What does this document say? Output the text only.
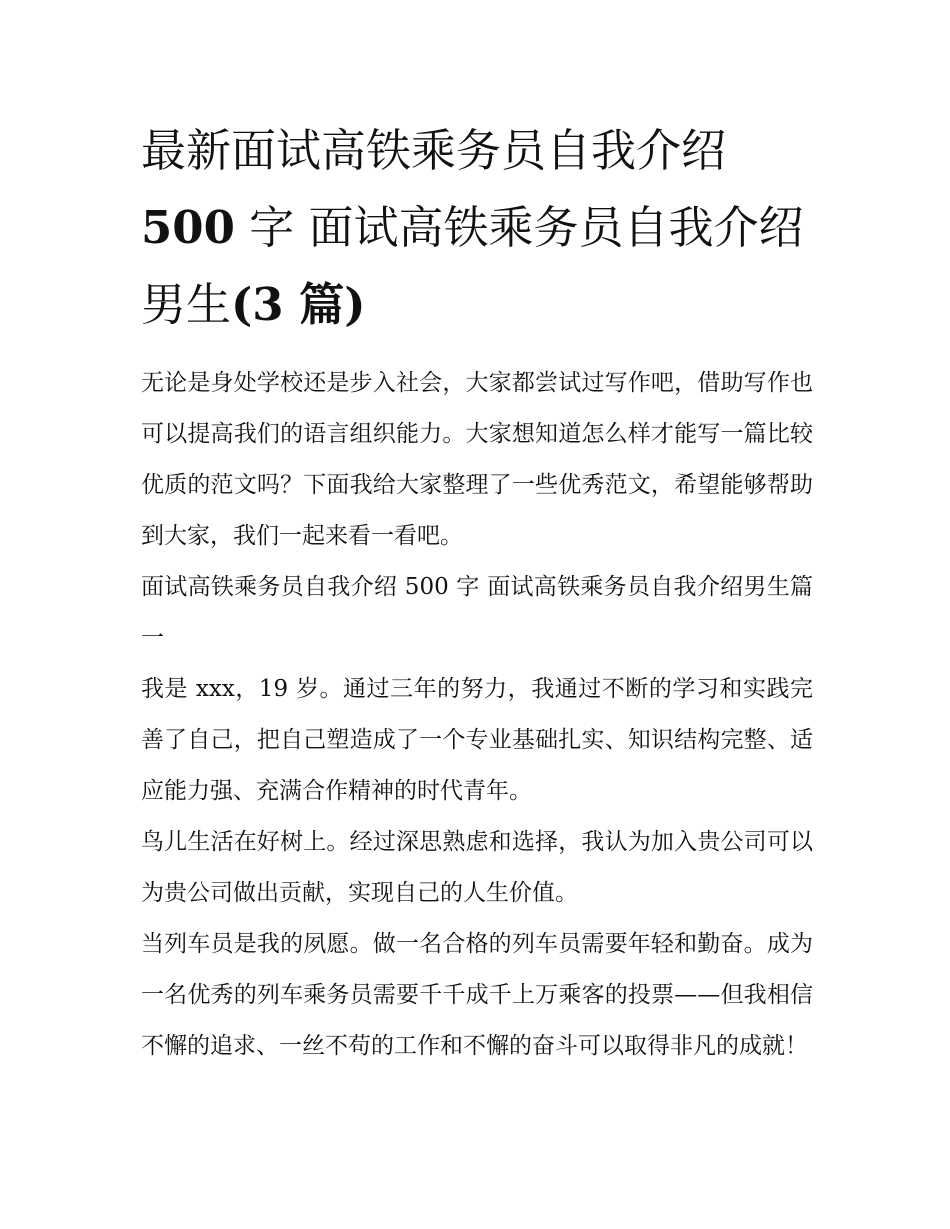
最新面试高铁乘务员自我介绍
500 字 面试高铁乘务员自我介绍男生(3 篇)

无论是身处学校还是步入社会，大家都尝试过写作吧，借助写作也可以提高我们的语言组织能力。大家想知道怎么样才能写一篇比较优质的范文吗？下面我给大家整理了一些优秀范文，希望能够帮助到大家，我们一起来看一看吧。

面试高铁乘务员自我介绍 500 字 面试高铁乘务员自我介绍男生篇一

我是 xxx，19 岁。通过三年的努力，我通过不断的学习和实践完善了自己，把自己塑造成了一个专业基础扎实、知识结构完整、适应能力强、充满合作精神的时代青年。

鸟儿生活在好树上。经过深思熟虑和选择，我认为加入贵公司可以为贵公司做出贡献，实现自己的人生价值。

当列车员是我的夙愿。做一名合格的列车员需要年轻和勤奋。成为一名优秀的列车乘务员需要千千成千上万乘客的投票——但我相信不懈的追求、一丝不苟的工作和不懈的奋斗可以取得非凡的成就！
